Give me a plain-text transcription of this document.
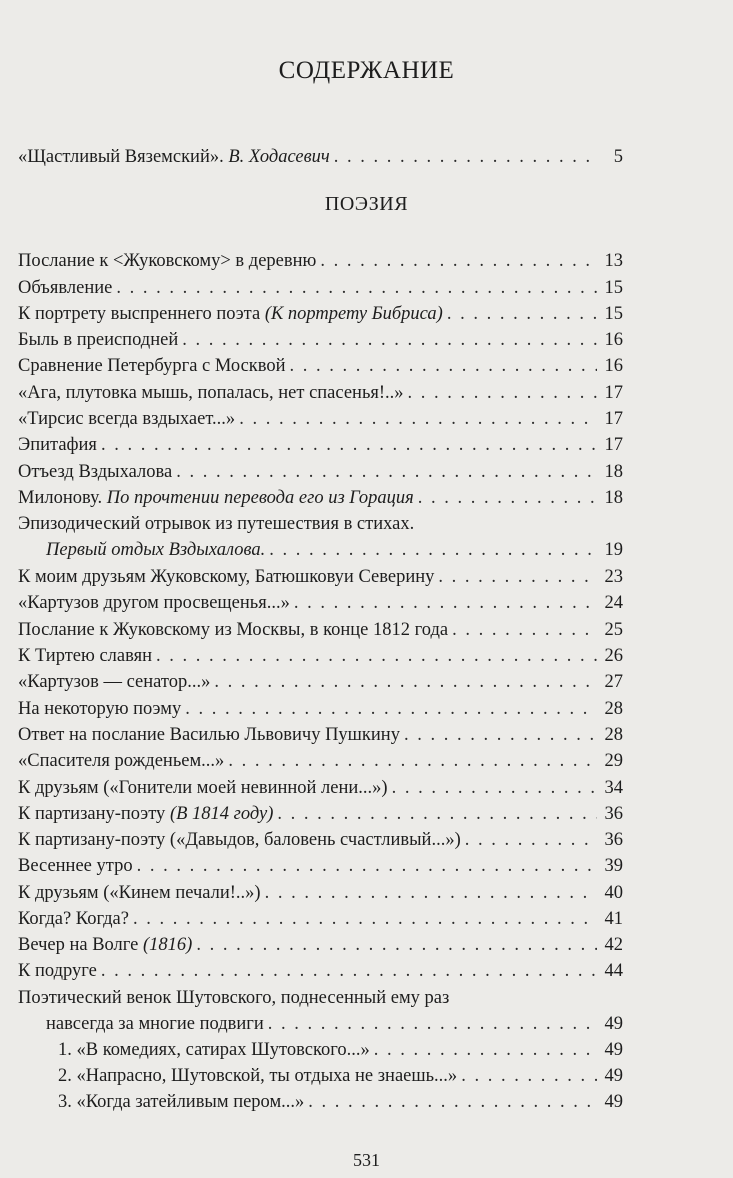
СОДЕРЖАНИЕ
ПОЭЗИЯ
«Щастливый Вяземский». В. Ходасевич . . .	5
Послание к <Жуковскому> в деревню . . .	13
Объявление . . .	15
К портрету выспреннего поэта (К портрету Бибриса) . . .	15
Быль в преисподней . . .	16
Сравнение Петербурга с Москвой . . .	16
«Ага, плутовка мышь, попалась, нет спасенья!..» . . .	17
«Тирсис всегда вздыхает...» . . .	17
Эпитафия . . .	17
Отъезд Вздыхалова . . .	18
Милонову. По прочтении перевода его из Горация . . .	18
Эпизодический отрывок из путешествия в стихах.
Первый отдых Вздыхалова. . . .	19
К моим друзьям Жуковскому, Батюшковуи Северину . . .	23
«Картузов другом просвещенья...» . . .	24
Послание к Жуковскому из Москвы, в конце 1812 года . . .	25
К Тиртею славян . . .	26
«Картузов — сенатор...» . . .	27
На некоторую поэму . . .	28
Ответ на послание Василью Львовичу Пушкину . . .	28
«Спасителя рожденьем...» . . .	29
К друзьям («Гонители моей невинной лени...») . . .	34
К партизану-поэту (В 1814 году) . . .	36
К партизану-поэту («Давыдов, баловень счастливый...») . . .	36
Весеннее утро . . .	39
К друзьям («Кинем печали!..») . . .	40
Когда? Когда? . . .	41
Вечер на Волге (1816) . . .	42
К подруге . . .	44
Поэтический венок Шутовского, поднесенный ему раз
навсегда за многие подвиги . . .	49
1. «В комедиях, сатирах Шутовского...» . . .	49
2. «Напрасно, Шутовской, ты отдыха не знаешь...» . . .	49
3. «Когда затейливым пером...» . . .	49
531
